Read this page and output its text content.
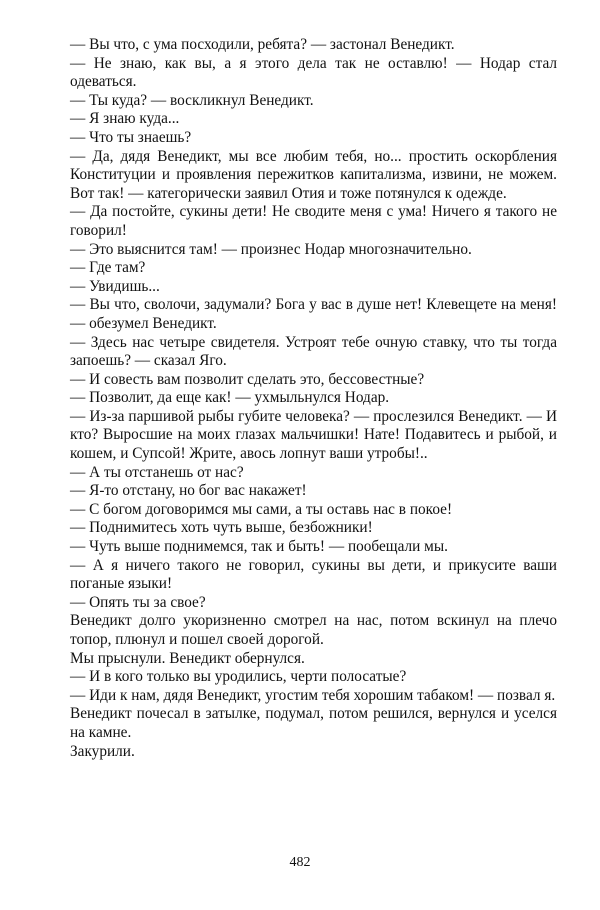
— Вы что, с ума посходили, ребята? — застонал Венедикт.

— Не знаю, как вы, а я этого дела так не оставлю! — Нодар стал одеваться.

— Ты куда? — воскликнул Венедикт.

— Я знаю куда...

— Что ты знаешь?

— Да, дядя Венедикт, мы все любим тебя, но... простить оскорбления Конституции и проявления пережитков капитализма, извини, не можем. Вот так! — категорически заявил Отия и тоже потянулся к одежде.

— Да постойте, сукины дети! Не сводите меня с ума! Ничего я такого не говорил!

— Это выяснится там! — произнес Нодар многозначительно.

— Где там?

— Увидишь...

— Вы что, сволочи, задумали? Бога у вас в душе нет! Клевещете на меня! — обезумел Венедикт.

— Здесь нас четыре свидетеля. Устроят тебе очную ставку, что ты тогда запоешь? — сказал Яго.

— И совесть вам позволит сделать это, бессовестные?

— Позволит, да еще как! — ухмыльнулся Нодар.

— Из-за паршивой рыбы губите человека? — прослезился Венедикт. — И кто? Выросшие на моих глазах мальчишки! Нате! Подавитесь и рыбой, и кошем, и Супсой! Жрите, авось лопнут ваши утробы!..

— А ты отстанешь от нас?

— Я-то отстану, но бог вас накажет!

— С богом договоримся мы сами, а ты оставь нас в покое!

— Поднимитесь хоть чуть выше, безбожники!

— Чуть выше поднимемся, так и быть! — пообещали мы.

— А я ничего такого не говорил, сукины вы дети, и прикусите ваши поганые языки!

— Опять ты за свое?

Венедикт долго укоризненно смотрел на нас, потом вскинул на плечо топор, плюнул и пошел своей дорогой.

Мы прыснули. Венедикт обернулся.

— И в кого только вы уродились, черти полосатые?

— Иди к нам, дядя Венедикт, угостим тебя хорошим табаком! — позвал я.

Венедикт почесал в затылке, подумал, потом решился, вернулся и уселся на камне.

Закурили.

482
